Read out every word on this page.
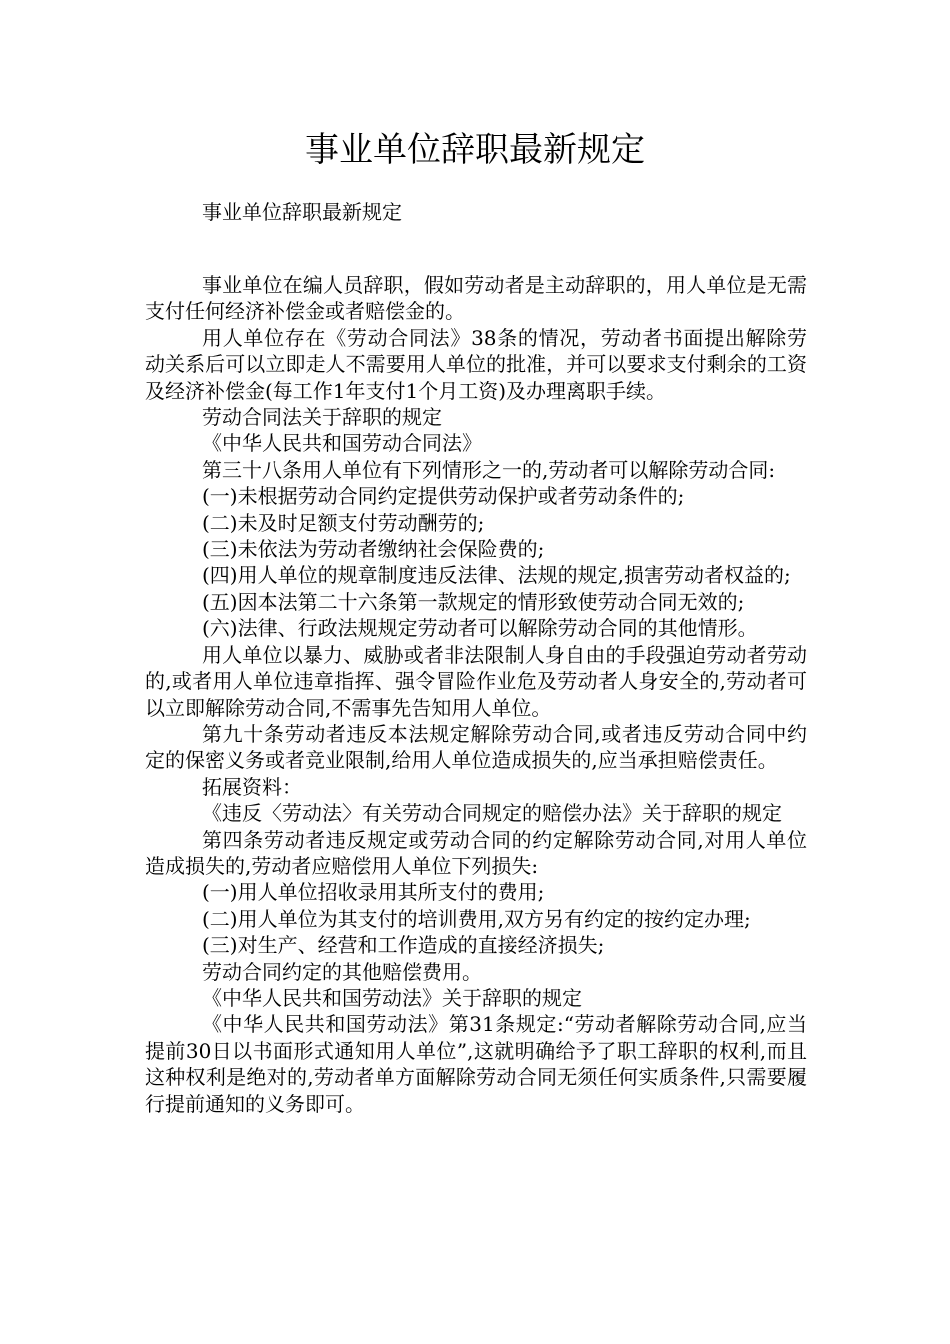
事业单位辞职最新规定

事业单位辞职最新规定

事业单位在编人员辞职，假如劳动者是主动辞职的，用人单位是无需支付任何经济补偿金或者赔偿金的。

用人单位存在《劳动合同法》38条的情况，劳动者书面提出解除劳动关系后可以立即走人不需要用人单位的批准，并可以要求支付剩余的工资及经济补偿金(每工作1年支付1个月工资)及办理离职手续。

劳动合同法关于辞职的规定

《中华人民共和国劳动合同法》

第三十八条用人单位有下列情形之一的,劳动者可以解除劳动合同:

(一)未根据劳动合同约定提供劳动保护或者劳动条件的;

(二)未及时足额支付劳动酬劳的;

(三)未依法为劳动者缴纳社会保险费的;

(四)用人单位的规章制度违反法律、法规的规定,损害劳动者权益的;

(五)因本法第二十六条第一款规定的情形致使劳动合同无效的;

(六)法律、行政法规规定劳动者可以解除劳动合同的其他情形。

用人单位以暴力、威胁或者非法限制人身自由的手段强迫劳动者劳动的,或者用人单位违章指挥、强令冒险作业危及劳动者人身安全的,劳动者可以立即解除劳动合同,不需事先告知用人单位。

第九十条劳动者违反本法规定解除劳动合同,或者违反劳动合同中约定的保密义务或者竞业限制,给用人单位造成损失的,应当承担赔偿责任。

拓展资料：

《违反〈劳动法〉有关劳动合同规定的赔偿办法》关于辞职的规定

第四条劳动者违反规定或劳动合同的约定解除劳动合同,对用人单位造成损失的,劳动者应赔偿用人单位下列损失:

(一)用人单位招收录用其所支付的费用;

(二)用人单位为其支付的培训费用,双方另有约定的按约定办理;

(三)对生产、经营和工作造成的直接经济损失;

劳动合同约定的其他赔偿费用。

《中华人民共和国劳动法》关于辞职的规定

《中华人民共和国劳动法》第31条规定:“劳动者解除劳动合同,应当提前30日以书面形式通知用人单位”,这就明确给予了职工辞职的权利,而且这种权利是绝对的,劳动者单方面解除劳动合同无须任何实质条件,只需要履行提前通知的义务即可。
